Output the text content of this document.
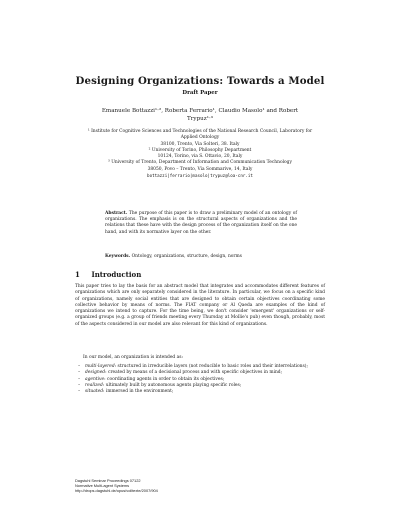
Designing Organizations: Towards a Model
Draft Paper
Emanuele Bottazzi¹·², Roberta Ferrario¹, Claudio Masolo¹ and Robert Trypuz¹·³

¹ Institute for Cognitive Sciences and Technologies of the National Research Council, Laboratory for Applied Ontology

38100, Trento, Via Solteri, 38. Italy

² University of Torino, Philosophy Department

10124, Torino, via S. Ottavio, 20, Italy

³ University of Trento, Department of Information and Communication Technology

38050, Povo – Trento, Via Sommarive, 14, Italy

bottazzi|ferrario|masolo|trypuz@loa-cnr.it

Abstract. The purpose of this paper is to draw a preliminary model of an ontology of organizations. The emphasis is on the structural aspects of organizations and the relations that these have with the design process of the organization itself on the one hand, and with its normative layer on the other.
Keywords. Ontology, organizations, structure, design, norms
1 Introduction
This paper tries to lay the basis for an abstract model that integrates and accommodates different features of organizations which are only separately considered in the literature. In particular, we focus on a specific kind of organizations, namely social entities that are designed to obtain certain objectives coordinating some collective behavior by means of norms. The FIAT company or Al Qaeda are examples of the kind of organizations we intend to capture. For the time being, we don't consider 'emergent' organizations or self-organized groups (e.g. a group of friends meeting every Thursday at Mollie's pub) even though, probably, most of the aspects considered in our model are also relevant for this kind of organizations.
In our model, an organization is intended as:
– multi-layered: structured in irreducible layers (not reducible to basic roles and their interrelations);
– designed: created by means of a decisional process and with specific objectives in mind;
– agentive: coordinating agents in order to obtain its objectives;
– realized: ultimately built by autonomous agents playing specific roles;
– situated: immersed in the environment;
Dagstuhl Seminar Proceedings 07122
Normative Multi-agent Systems
http://drops.dagstuhl.de/opus/volltexte/2007/904
